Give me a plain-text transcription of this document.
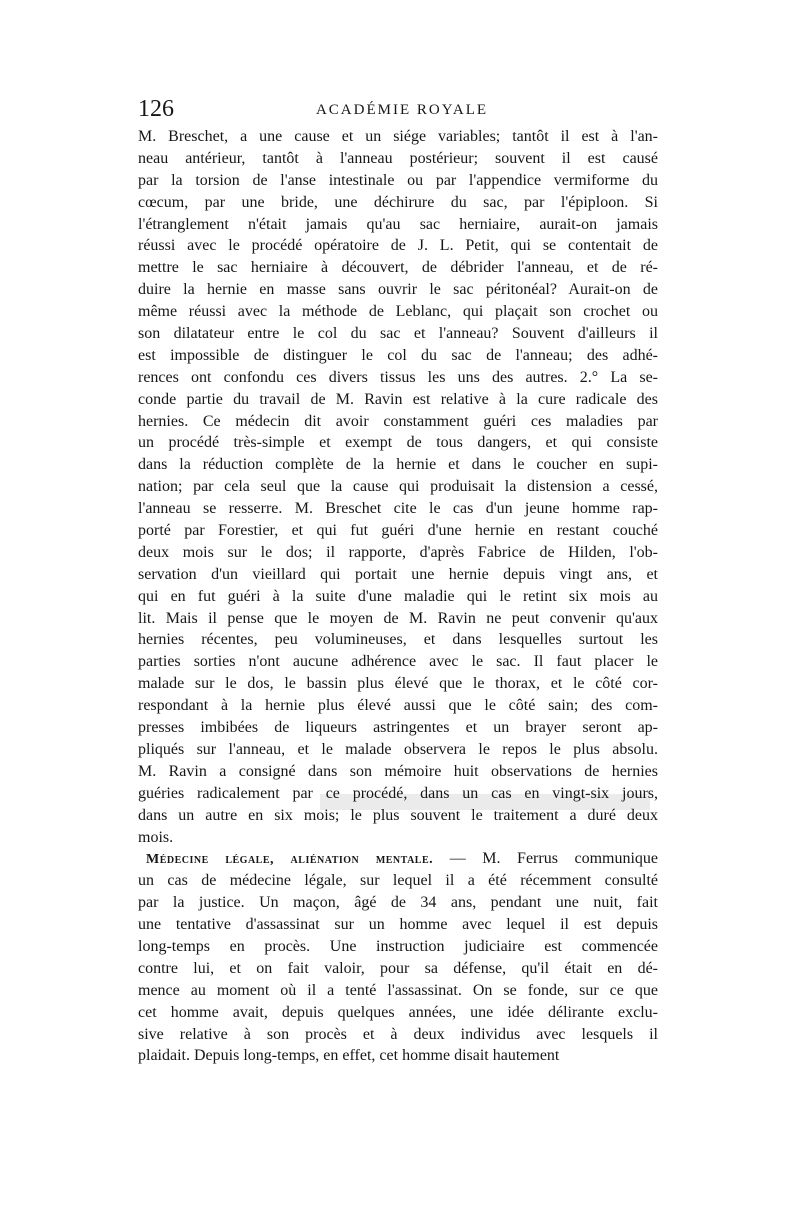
126	ACADÉMIE ROYALE
M. Breschet, a une cause et un siége variables; tantôt il est à l'an-
neau antérieur, tantôt à l'anneau postérieur; souvent il est causé
par la torsion de l'anse intestinale ou par l'appendice vermiforme du
cœcum, par une bride, une déchirure du sac, par l'épiploon. Si
l'étranglement n'était jamais qu'au sac herniaire, aurait-on jamais
réussi avec le procédé opératoire de J. L. Petit, qui se contentait de
mettre le sac herniaire à découvert, de débrider l'anneau, et de ré-
duire la hernie en masse sans ouvrir le sac péritonéal? Aurait-on de
même réussi avec la méthode de Leblanc, qui plaçait son crochet ou
son dilatateur entre le col du sac et l'anneau? Souvent d'ailleurs il
est impossible de distinguer le col du sac de l'anneau; des adhé-
rences ont confondu ces divers tissus les uns des autres. 2.° La se-
conde partie du travail de M. Ravin est relative à la cure radicale des
hernies. Ce médecin dit avoir constamment guéri ces maladies par
un procédé très-simple et exempt de tous dangers, et qui consiste
dans la réduction complète de la hernie et dans le coucher en supi-
nation; par cela seul que la cause qui produisait la distension a cessé,
l'anneau se resserre. M. Breschet cite le cas d'un jeune homme rap-
porté par Forestier, et qui fut guéri d'une hernie en restant couché
deux mois sur le dos; il rapporte, d'après Fabrice de Hilden, l'ob-
servation d'un vieillard qui portait une hernie depuis vingt ans, et
qui en fut guéri à la suite d'une maladie qui le retint six mois au
lit. Mais il pense que le moyen de M. Ravin ne peut convenir qu'aux
hernies récentes, peu volumineuses, et dans lesquelles surtout les
parties sorties n'ont aucune adhérence avec le sac. Il faut placer le
malade sur le dos, le bassin plus élevé que le thorax, et le côté cor-
respondant à la hernie plus élevé aussi que le côté sain; des com-
presses imbibées de liqueurs astringentes et un brayer seront ap-
pliqués sur l'anneau, et le malade observera le repos le plus absolu.
M. Ravin a consigné dans son mémoire huit observations de hernies
guéries radicalement par ce procédé, dans un cas en vingt-six jours,
dans un autre en six mois; le plus souvent le traitement a duré deux
mois.
Médecine légale, aliénation mentale. — M. Ferrus communique
un cas de médecine légale, sur lequel il a été récemment consulté
par la justice. Un maçon, âgé de 34 ans, pendant une nuit, fait
une tentative d'assassinat sur un homme avec lequel il est depuis
long-temps en procès. Une instruction judiciaire est commencée
contre lui, et on fait valoir, pour sa défense, qu'il était en dé-
mence au moment où il a tenté l'assassinat. On se fonde, sur ce que
cet homme avait, depuis quelques années, une idée délirante exclu-
sive relative à son procès et à deux individus avec lesquels il
plaidait. Depuis long-temps, en effet, cet homme disait hautement
